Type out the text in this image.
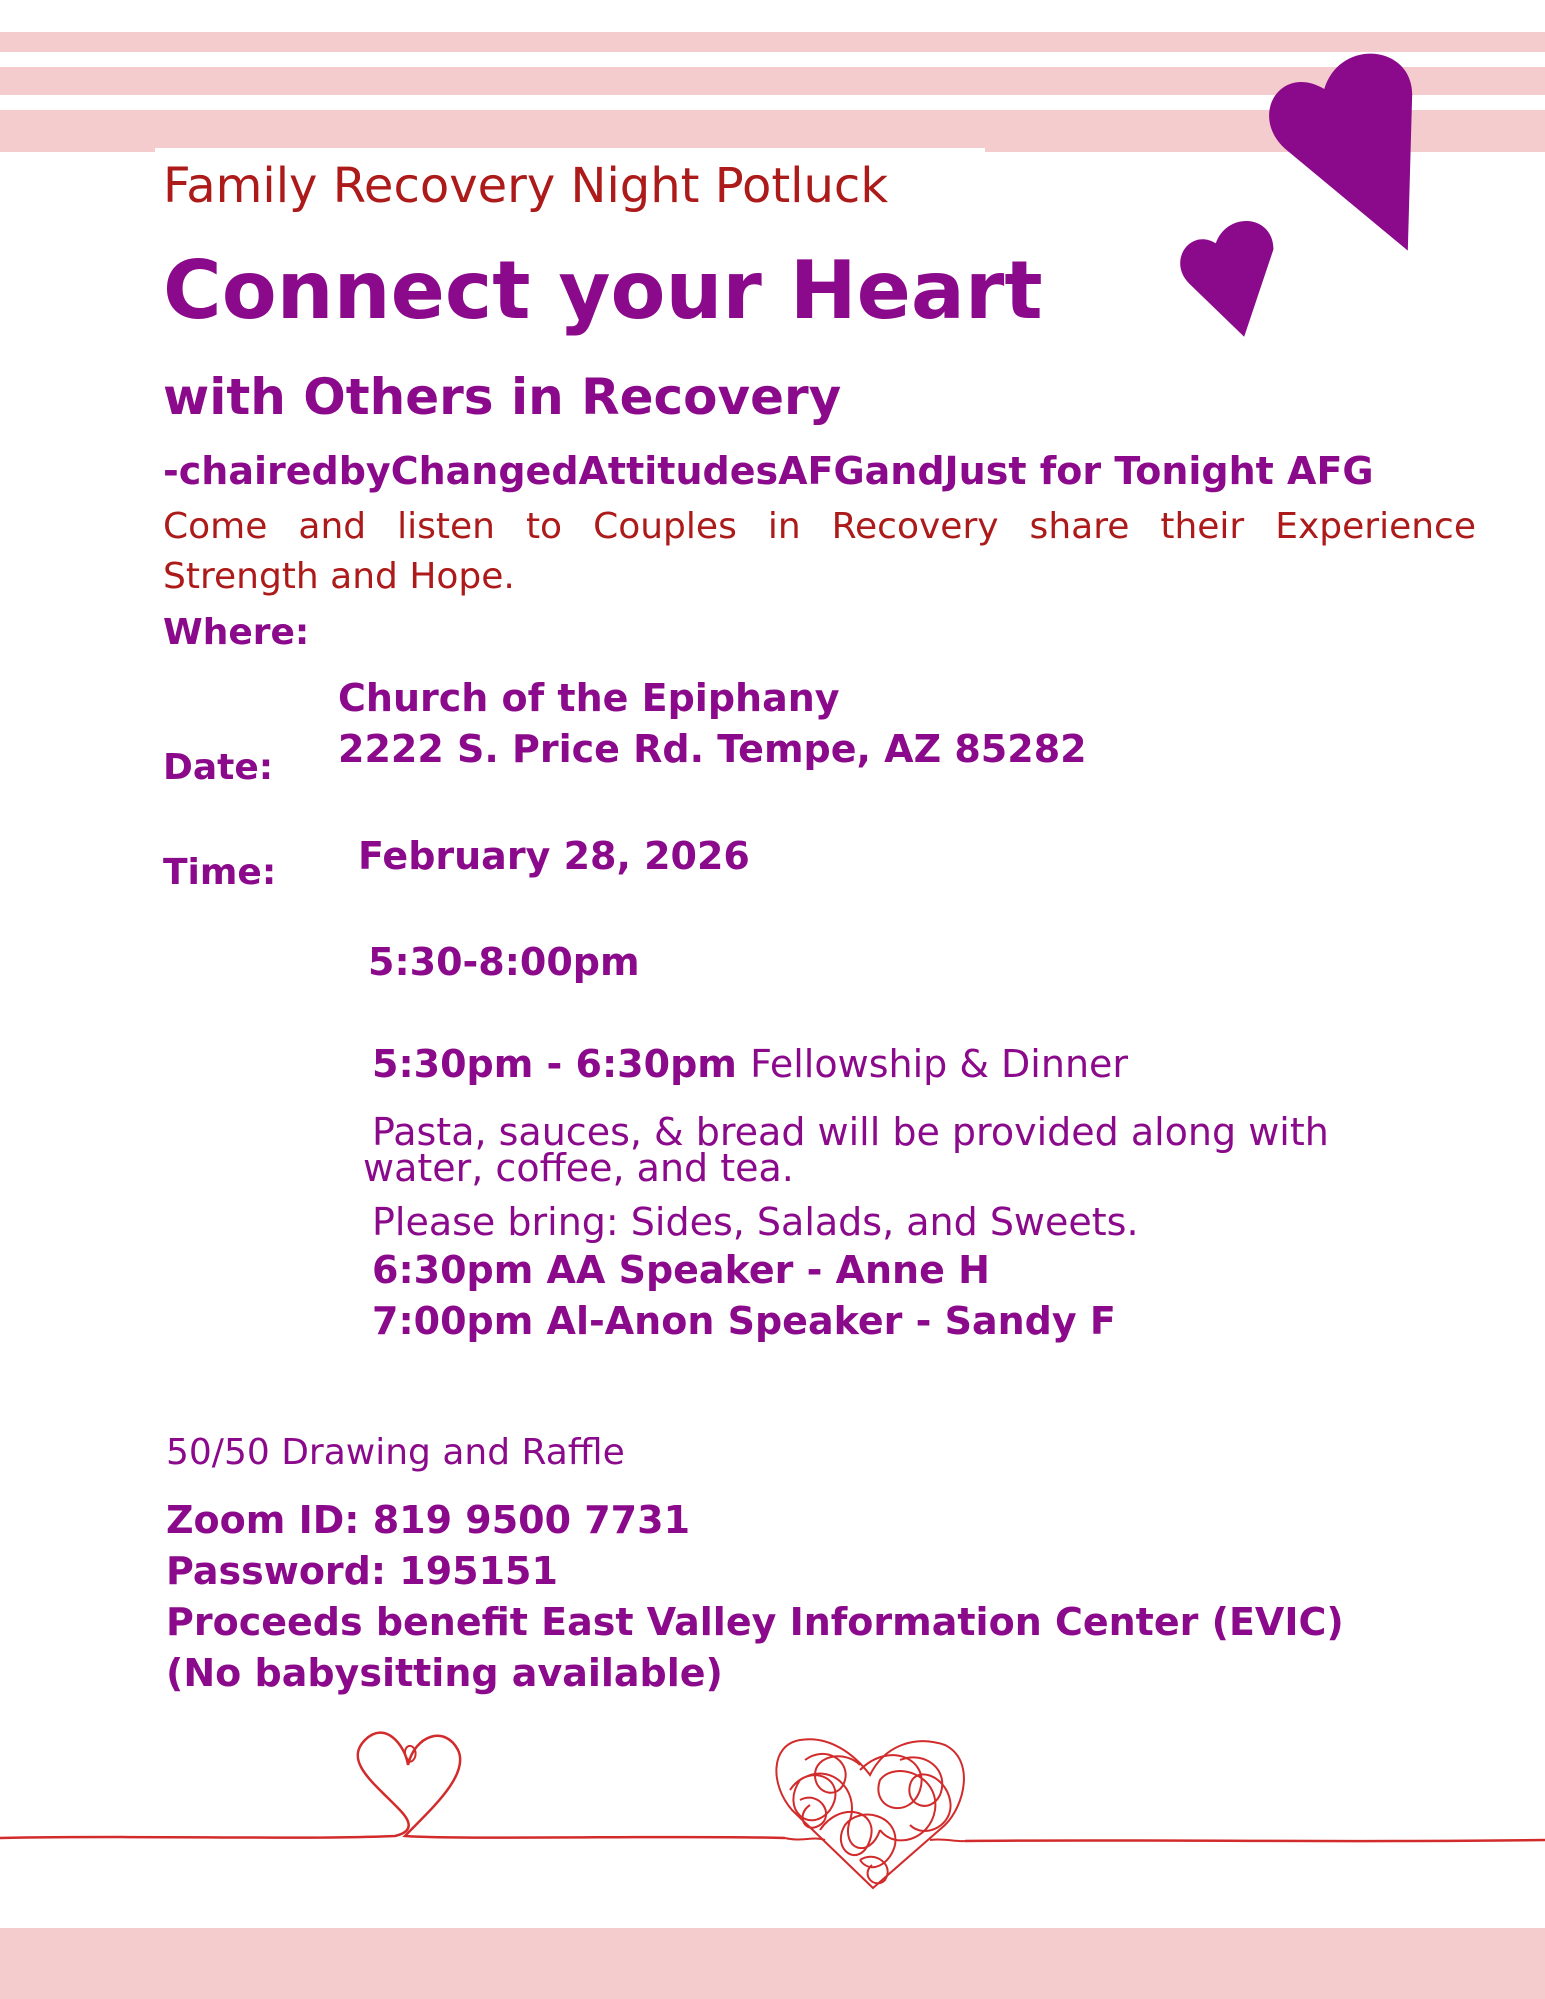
Family Recovery Night Potluck

Connect your Heart

with Others in Recovery

-chairedbyChangedAttitudesAFGandJust for Tonight AFG

Come and listen to Couples in Recovery share their Experience

Strength and Hope.

Where:

Church of the Epiphany

Date: 2222 S. Price Rd. Tempe, AZ 85282

Time: February 28, 2026

5:30-8:00pm

5:30pm - 6:30pm Fellowship & Dinner

Pasta, sauces, & bread will be provided along with

water, coffee, and tea.

Please bring: Sides, Salads, and Sweets.

6:30pm AA Speaker - Anne H

7:00pm Al-Anon Speaker - Sandy F

50/50 Drawing and Raffle

Zoom ID: 819 9500 7731

Password: 195151

Proceeds benefit East Valley Information Center (EVIC)

(No babysitting available)
